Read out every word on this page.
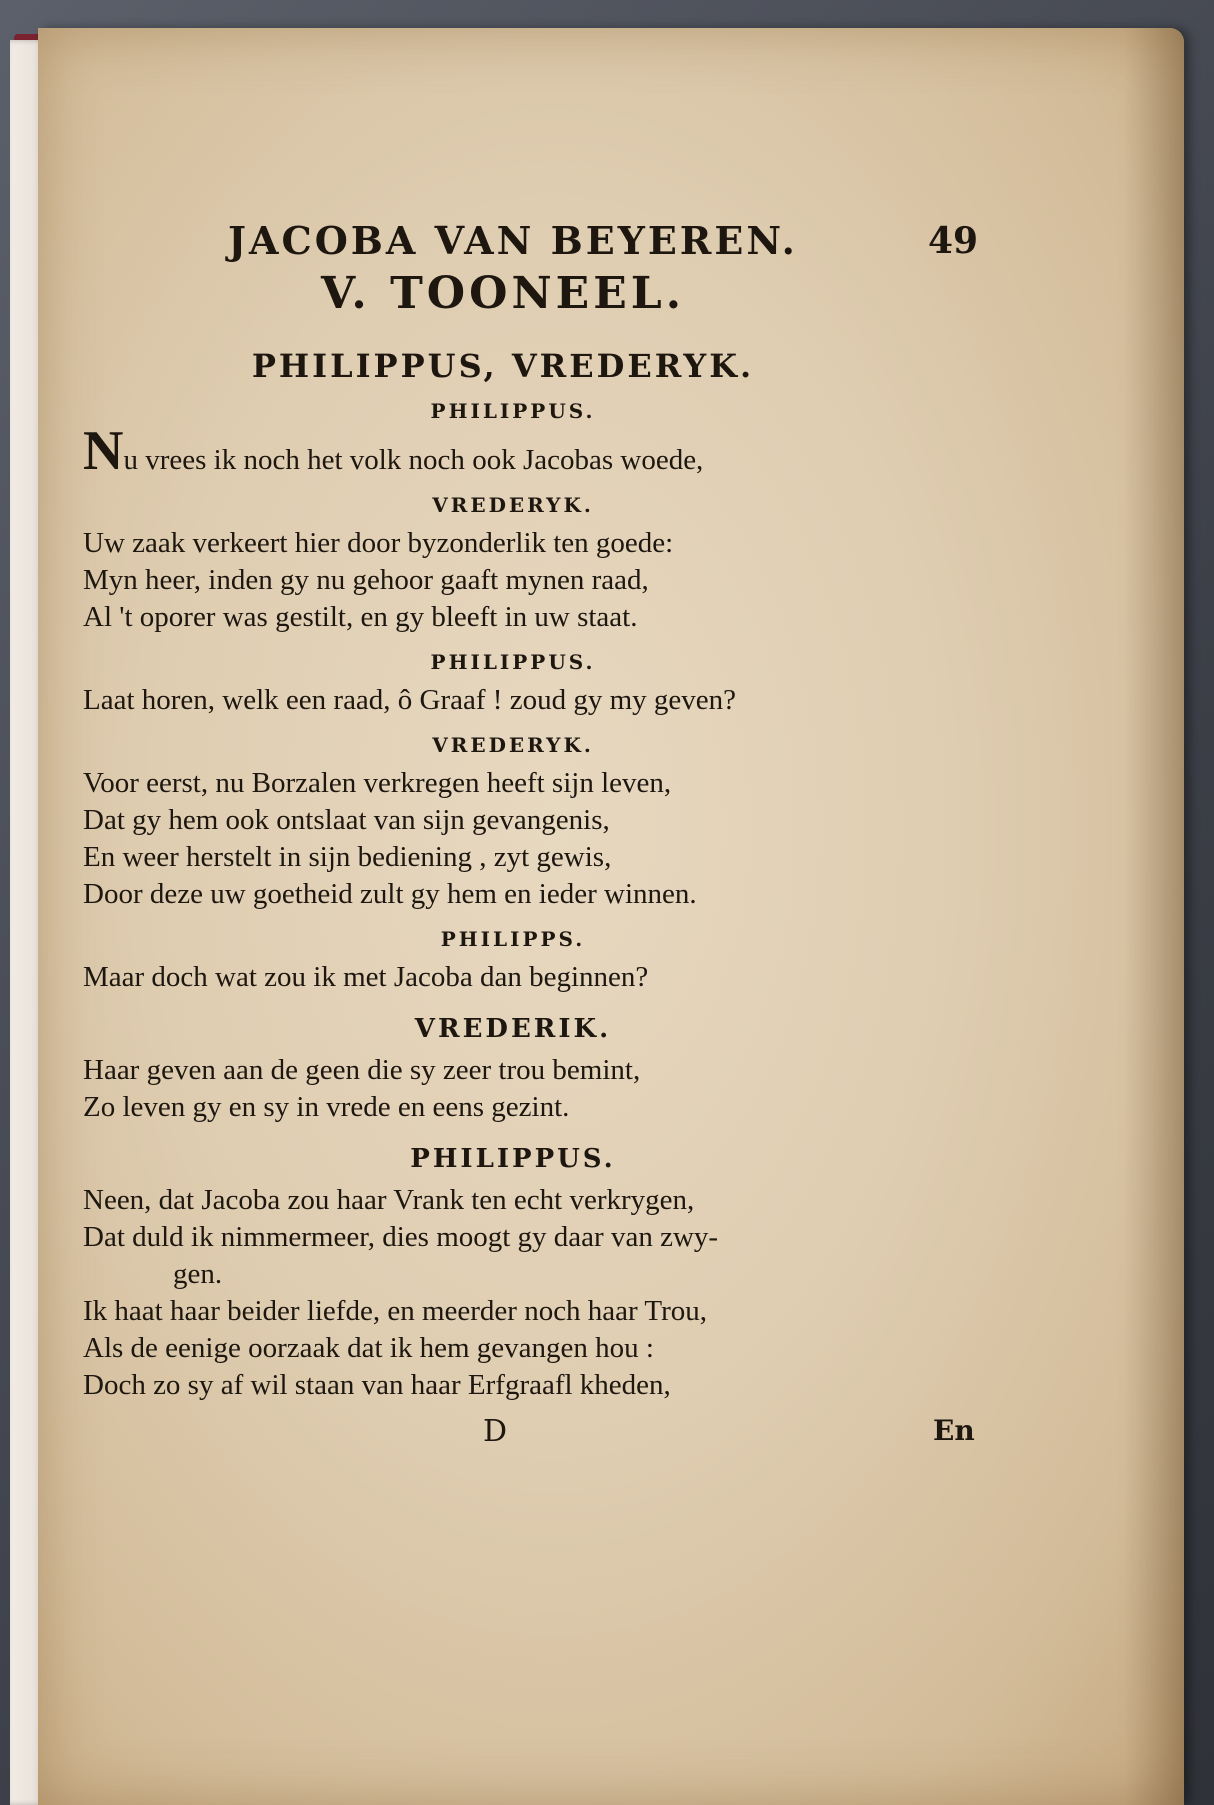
JACOBA VAN BEYEREN.	49
V. TOONEEL.
PHILIPPUS, VREDERYK.
PHILIPPUS.
Nu vrees ik noch het volk noch ook Jacobas woede,
VREDERYK.
Uw zaak verkeert hier door byzonderlik ten goede:
Myn heer, inden gy nu gehoor gaaft mynen raad,
Al 't oporer was gestilt, en gy bleeft in uw staat.
PHILIPPUS.
Laat horen, welk een raad, ô Graaf ! zoud gy my geven?
VREDERYK.
Voor eerst, nu Borzalen verkregen heeft sijn leven,
Dat gy hem ook ontslaat van sijn gevangenis,
En weer herstelt in sijn bediening , zyt gewis,
Door deze uw goetheid zult gy hem en ieder winnen.
PHILIPPS.
Maar doch wat zou ik met Jacoba dan beginnen?
VREDERIK.
Haar geven aan de geen die sy zeer trou bemint,
Zo leven gy en sy in vrede en eens gezint.
PHILIPPUS.
Neen, dat Jacoba zou haar Vrank ten echt verkrygen,
Dat duld ik nimmermeer, dies moogt gy daar van zwy-
gen.
Ik haat haar beider liefde, en meerder noch haar Trou,
Als de eenige oorzaak dat ik hem gevangen hou :
Doch zo sy af wil staan van haar Erfgraafl kheden,
D	En
